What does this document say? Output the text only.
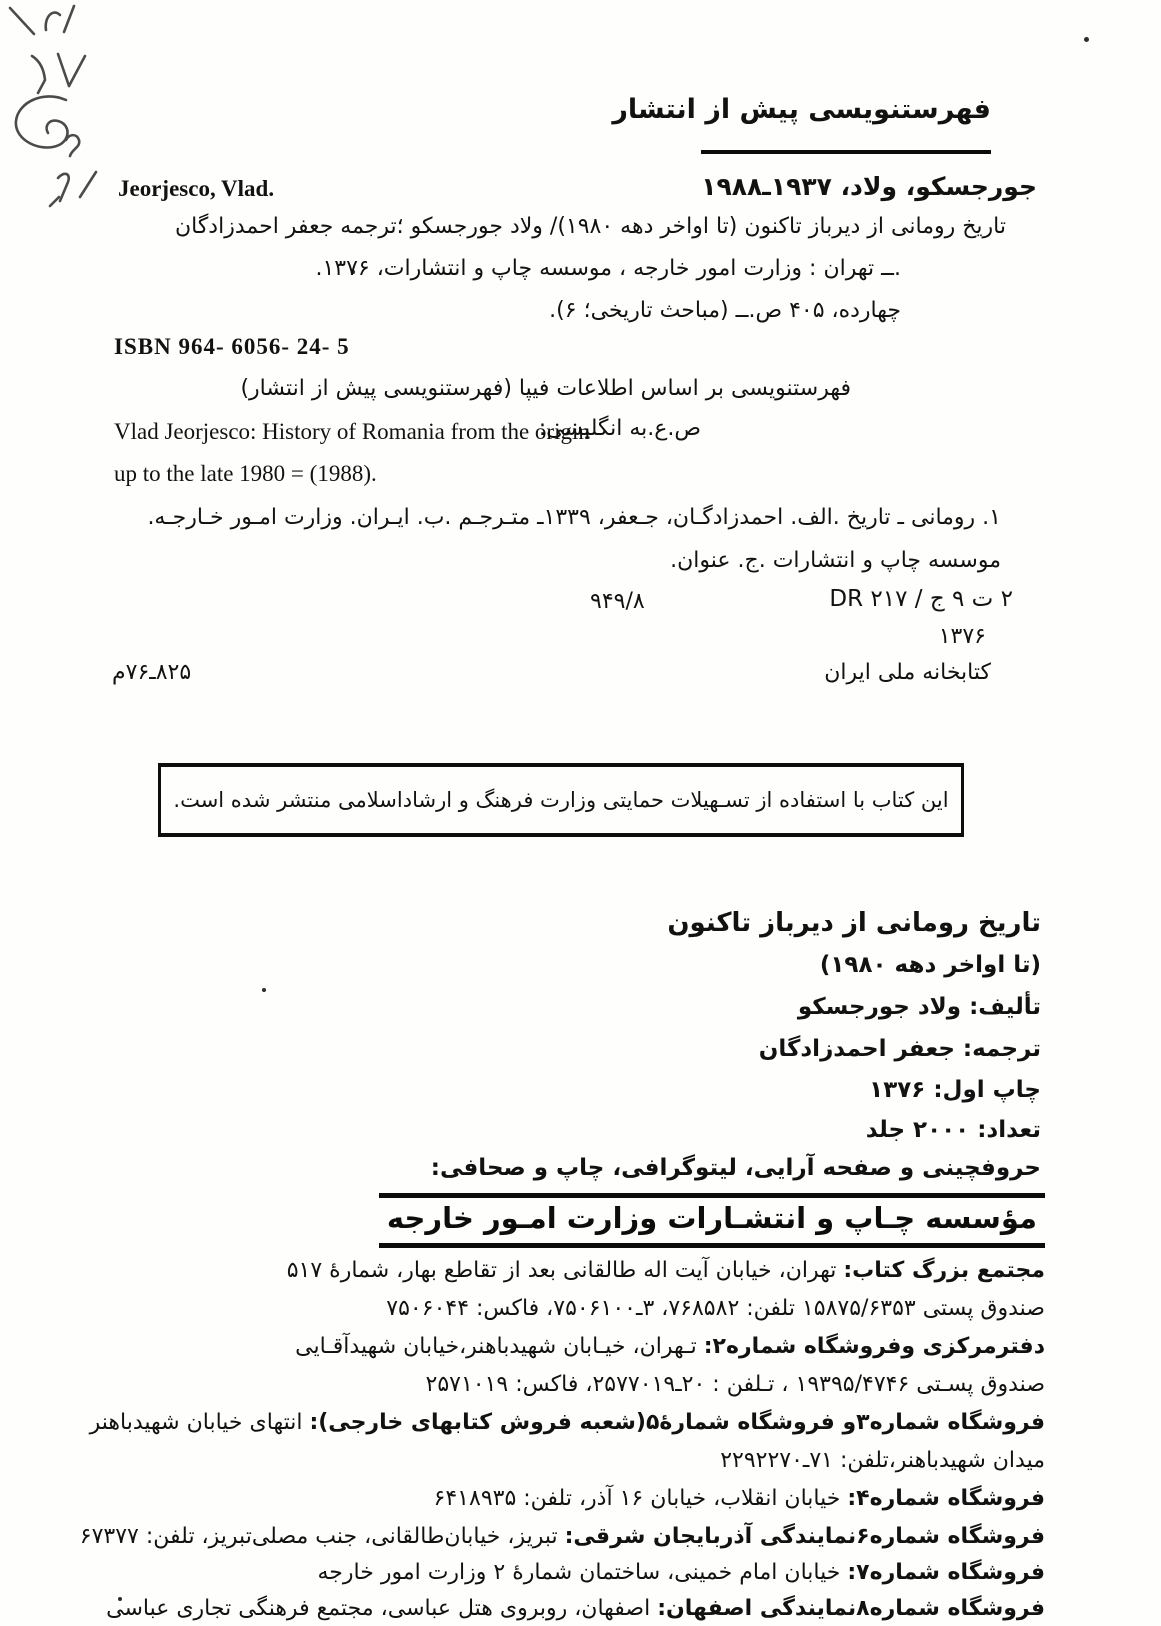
فهرستنویسی پیش از انتشار
جورجسکو، ولاد، ۱۹۳۷ـ۱۹۸۸
Jeorjesco, Vlad.
تاریخ رومانی از دیرباز تاکنون (تا اواخر دهه ۱۹۸۰)/ ولاد جورجسکو ؛ترجمه جعفر احمدزادگان
.ــ تهران : وزارت امور خارجه ، موسسه چاپ و انتشارات، ۱۳۷۶.
چهارده، ۴۰۵ ص.ــ (مباحث تاریخی؛ ۶).
ISBN 964- 6056- 24- 5
فهرستنویسی بر اساس اطلاعات فیپا (فهرستنویسی پیش از انتشار)
ص.ع.به انگلیسی:
Vlad Jeorjesco: History of Romania from the origin
up to the late 1980 = (1988).
۱. رومانی ـ تاریخ .الف. احمدزادگـان، جـعفر، ۱۳۳۹ـ متـرجـم .ب. ایـران. وزارت امـور خـارجـه.
موسسه چاپ و انتشارات .ج. عنوان.
DR ۲۱۷ / ج ۹ ت ۲
۹۴۹/۸
۱۳۷۶
کتابخانه ملی ایران
م۷۶ـ۸۲۵
این کتاب با استفاده از تسـهیلات حمایتی وزارت فرهنگ و ارشاداسلامی منتشر شده است.
تاریخ رومانی از دیرباز تاکنون
(تا اواخر دهه ۱۹۸۰)
تألیف: ولاد جورجسکو
ترجمه: جعفر احمدزادگان
چاپ اول: ۱۳۷۶
تعداد: ۲۰۰۰ جلد
حروفچینی و صفحه آرایی، لیتوگرافی، چاپ و صحافی:
مؤسسه چـاپ و انتشـارات وزارت امـور خارجه
مجتمع بزرگ کتاب: تهران، خیابان آیت اله طالقانی بعد از تقاطع بهار، شمارهٔ ۵۱۷
صندوق پستی ۱۵۸۷۵/۶۳۵۳ تلفن: ۷۶۸۵۸۲، ۳ـ۷۵۰۶۱۰۰، فاکس: ۷۵۰۶۰۴۴
دفترمرکزی وفروشگاه شماره۲: تـهران، خیـابان شهیدباهنر،خیابان شهیدآقـایی
صندوق پسـتی ۱۹۳۹۵/۴۷۴۶ ، تـلفن : ۲۰ـ۲۵۷۷۰۱۹، فاکس: ۲۵۷۱۰۱۹
فروشگاه شماره۳و فروشگاه شمارهٔ۵(شعبه فروش کتابهای خارجی): انتهای خیابان شهیدباهنر
میدان شهیدباهنر،تلفن: ۷۱ـ۲۲۹۲۲۷۰
فروشگاه شماره۴: خیابان انقلاب، خیابان ۱۶ آذر، تلفن: ۶۴۱۸۹۳۵
فروشگاه شماره۶نمایندگی آذربایجان شرقی: تبریز، خیابان‌طالقانی، جنب مصلی‌تبریز، تلفن: ۶۷۳۷۷
فروشگاه شماره۷: خیابان امام خمینی، ساختمان شمارهٔ ۲ وزارت امور خارجه
فروشگاه شماره۸نمایندگی اصفهان: اصفهان، روبروی هتل عباسی، مجتمع فرهنگی تجاری عباسی
